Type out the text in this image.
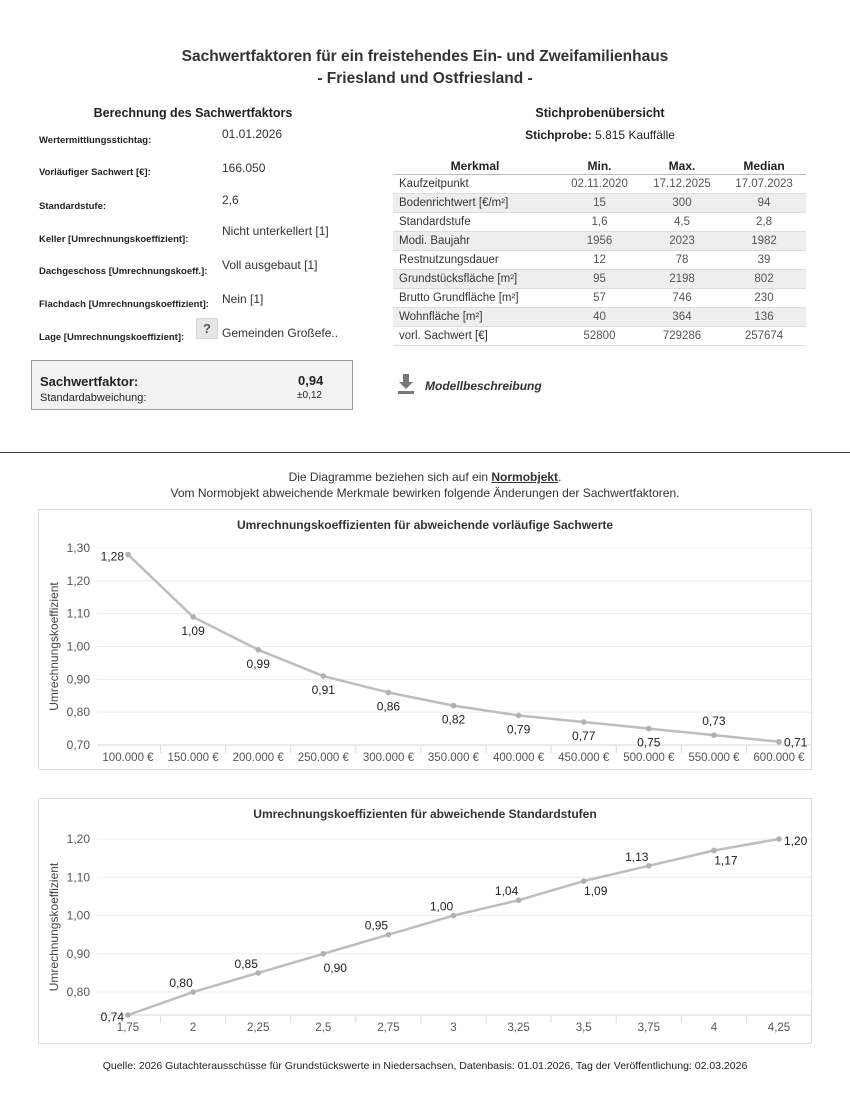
Sachwertfaktoren für ein freistehendes Ein- und Zweifamilienhaus
- Friesland und Ostfriesland -
Berechnung des Sachwertfaktors
Wertermittlungsstichtag:	01.01.2026
Vorläufiger Sachwert [€]:	166.050
Standardstufe:	2,6
Keller [Umrechnungskoeffizient]:
Nicht unterkellert [1]
Dachgeschoss [Umrechnungskoeff.]: Voll ausgebaut [1]
Flachdach [Umrechnungskoeffizient]: Nein [1]
Lage [Umrechnungskoeffizient]:
? Gemeinden Großefe..
Sachwertfaktor:	0,94
Standardabweichung:	±0,12
Stichprobenübersicht
Stichprobe: 5.815 Kauffälle
Merkmal	Min.	Max.	Median
Kaufzeitpunkt	02.11.2020	17.12.2025	17.07.2023
Bodenrichtwert [€/m²]	15	300	94
Standardstufe	1,6	4,5	2,8
Modi. Baujahr	1956	2023	1982
Restnutzungsdauer	12	78	39
Grundstücksfläche [m²]	95	2198	802
Brutto Grundfläche [m²]	57	746	230
Wohnfläche [m²]	40	364	136
vorl. Sachwert [€]	52800	729286	257674
Modellbeschreibung
Die Diagramme beziehen sich auf ein Normobjekt.
Vom Normobjekt abweichende Merkmale bewirken folgende Änderungen der Sachwertfaktoren.
Umrechnungskoeffizienten für abweichende vorläufige Sachwerte
Umrechnungskoeffizient
0,70
0,80
0,90
1,00
1,10
1,20
1,30
100.000 € 150.000 € 200.000 € 250.000 € 300.000 € 350.000 € 400.000 € 450.000 € 500.000 € 550.000 € 600.000 €
1,28
1,09
0,99
0,91
0,86
0,82
0,79	0,77	0,75
0,73
0,71
Umrechnungskoeffizienten für abweichende Standardstufen
Umrechnungskoeffizient
0,80
0,90
1,00
1,10
1,20
1,75	2	2,25	2,5	2,75	3	3,25	3,5	3,75	4	4,25
0,74
0,80
0,85	0,90
0,95
1,00
1,04	1,09
1,13	1,17
1,20
Quelle: 2026 Gutachterausschüsse für Grundstückswerte in Niedersachsen, Datenbasis: 01.01.2026, Tag der Veröffentlichung: 02.03.2026
